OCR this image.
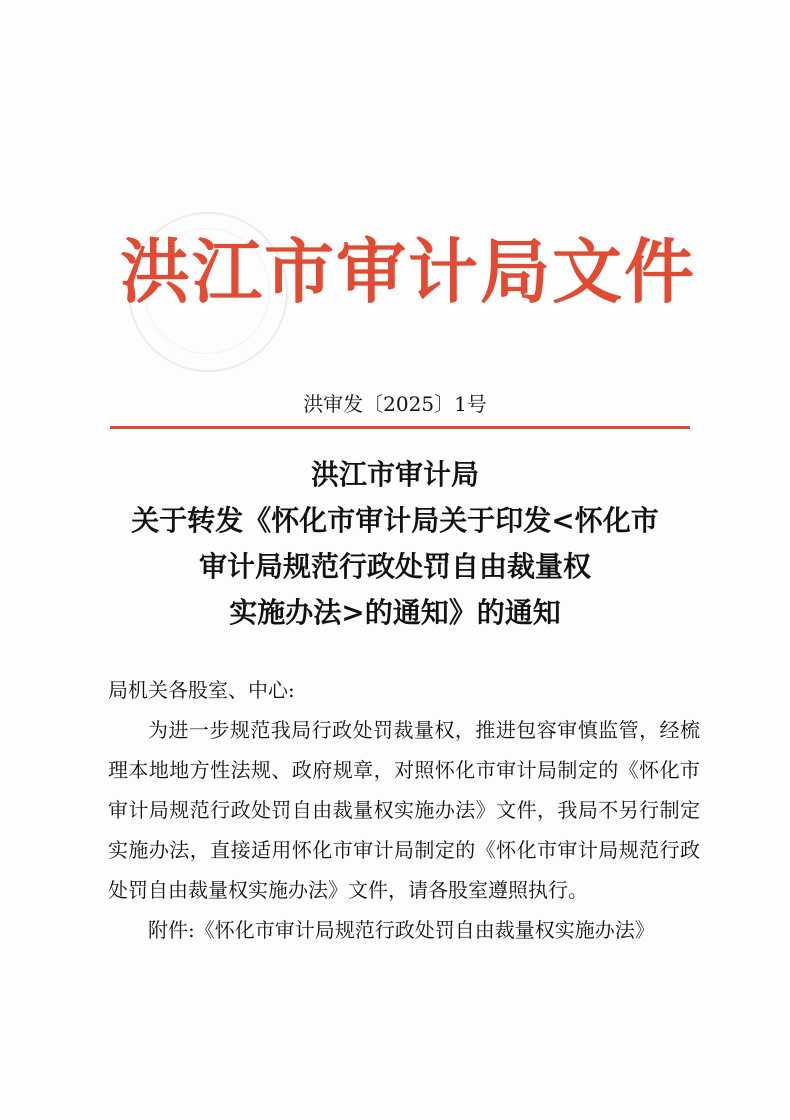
洪江市审计局文件
洪审发〔2025〕1号
洪江市审计局
关于转发《怀化市审计局关于印发<怀化市
审计局规范行政处罚自由裁量权
实施办法>的通知》的通知
局机关各股室、中心:
为进一步规范我局行政处罚裁量权，推进包容审慎监管，经梳理本地地方性法规、政府规章，对照怀化市审计局制定的《怀化市审计局规范行政处罚自由裁量权实施办法》文件，我局不另行制定实施办法，直接适用怀化市审计局制定的《怀化市审计局规范行政处罚自由裁量权实施办法》文件，请各股室遵照执行。
附件:《怀化市审计局规范行政处罚自由裁量权实施办法》
